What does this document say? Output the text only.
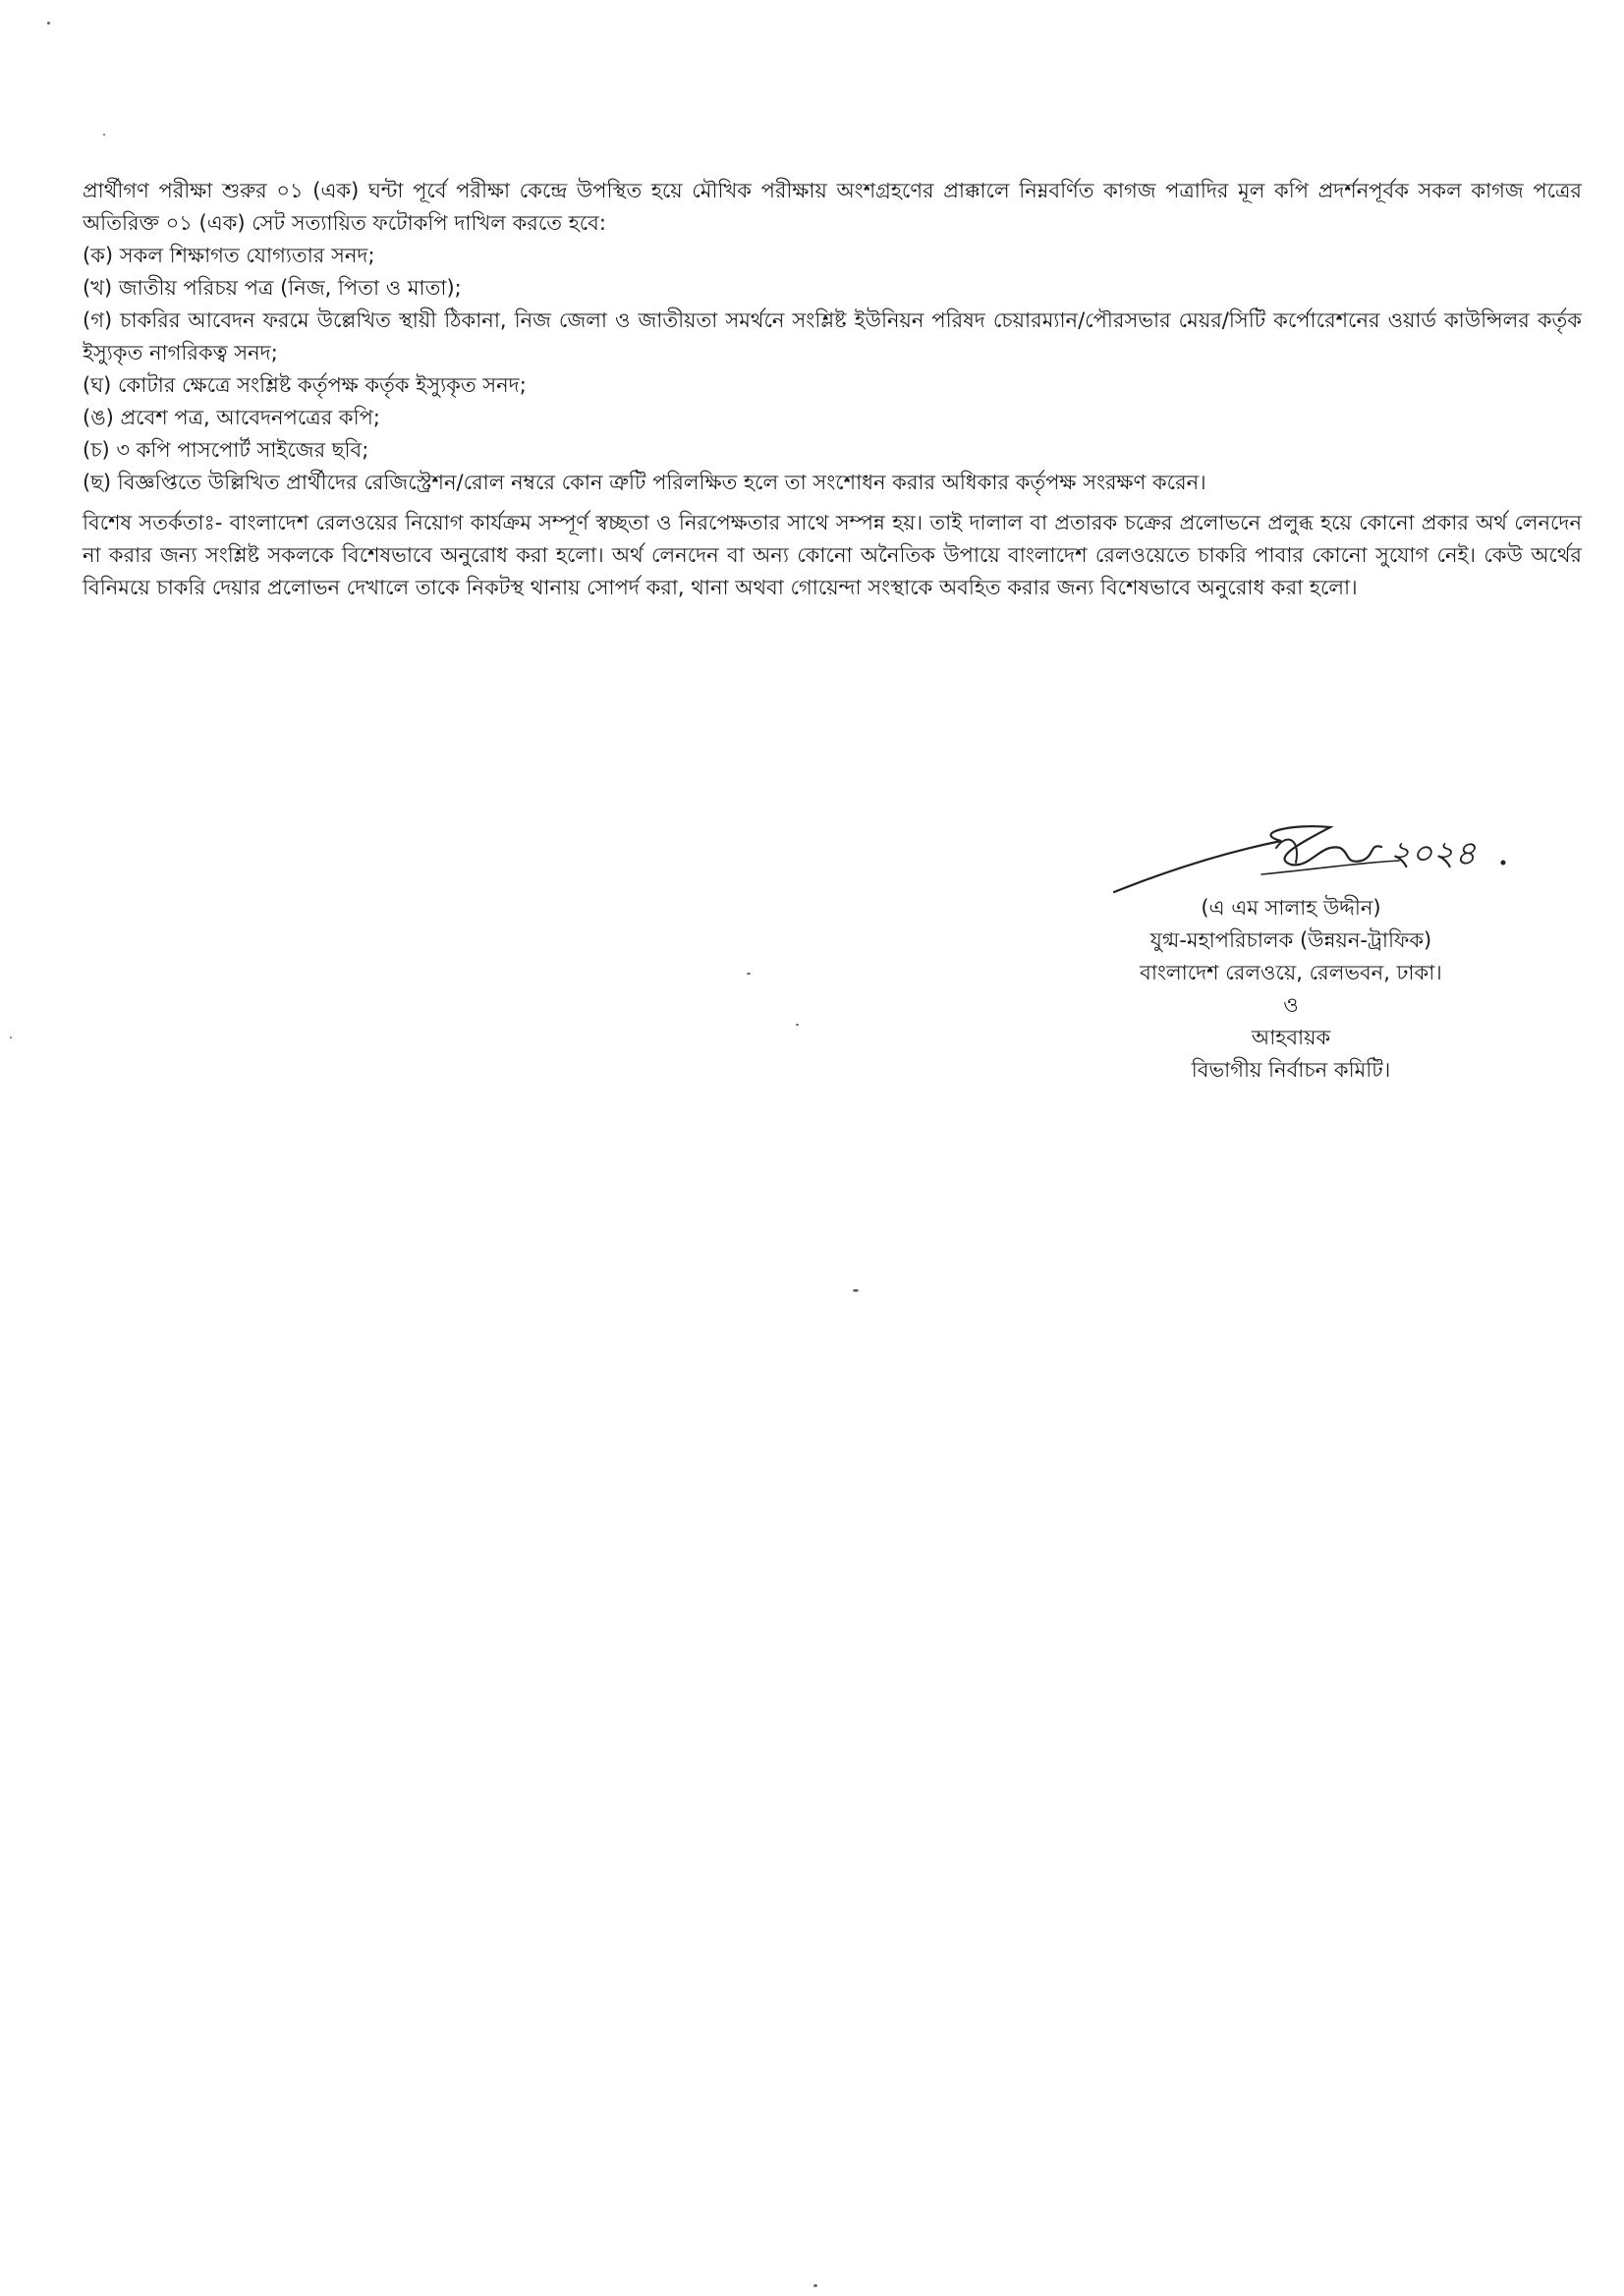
প্রার্থীগণ পরীক্ষা শুরুর ০১ (এক) ঘন্টা পূর্বে পরীক্ষা কেন্দ্রে উপস্থিত হয়ে মৌখিক পরীক্ষায় অংশগ্রহণের প্রাক্কালে নিম্নবর্ণিত কাগজ পত্রাদির মূল কপি প্রদর্শনপূর্বক সকল কাগজ পত্রের অতিরিক্ত ০১ (এক) সেট সত্যায়িত ফটোকপি দাখিল করতে হবে:

(ক) সকল শিক্ষাগত যোগ্যতার সনদ;
(খ) জাতীয় পরিচয় পত্র (নিজ, পিতা ও মাতা);
(গ) চাকরির আবেদন ফরমে উল্লেখিত স্থায়ী ঠিকানা, নিজ জেলা ও জাতীয়তা সমর্থনে সংশ্লিষ্ট ইউনিয়ন পরিষদ চেয়ারম্যান/পৌরসভার মেয়র/সিটি কর্পোরেশনের ওয়ার্ড কাউন্সিলর কর্তৃক ইস্যুকৃত নাগরিকত্ব সনদ;
(ঘ) কোটার ক্ষেত্রে সংশ্লিষ্ট কর্তৃপক্ষ কর্তৃক ইস্যুকৃত সনদ;
(ঙ) প্রবেশ পত্র, আবেদনপত্রের কপি;
(চ) ৩ কপি পাসপোর্ট সাইজের ছবি;
(ছ) বিজ্ঞপ্তিতে উল্লিখিত প্রার্থীদের রেজিস্ট্রেশন/রোল নম্বরে কোন ত্রুটি পরিলক্ষিত হলে তা সংশোধন করার অধিকার কর্তৃপক্ষ সংরক্ষণ করেন।

বিশেষ সতর্কতাঃ- বাংলাদেশ রেলওয়ের নিয়োগ কার্যক্রম সম্পূর্ণ স্বচ্ছতা ও নিরপেক্ষতার সাথে সম্পন্ন হয়। তাই দালাল বা প্রতারক চক্রের প্রলোভনে প্রলুব্ধ হয়ে কোনো প্রকার অর্থ লেনদেন না করার জন্য সংশ্লিষ্ট সকলকে বিশেষভাবে অনুরোধ করা হলো। অর্থ লেনদেন বা অন্য কোনো অনৈতিক উপায়ে বাংলাদেশ রেলওয়েতে চাকরি পাবার কোনো সুযোগ নেই। কেউ অর্থের বিনিময়ে চাকরি দেয়ার প্রলোভন দেখালে তাকে নিকটস্থ থানায় সোপর্দ করা, থানা অথবা গোয়েন্দা সংস্থাকে অবহিত করার জন্য বিশেষভাবে অনুরোধ করা হলো।

২০২৪
(এ এম সালাহ উদ্দীন)
যুগ্ম-মহাপরিচালক (উন্নয়ন-ট্রাফিক)
বাংলাদেশ রেলওয়ে, রেলভবন, ঢাকা।
ও
আহবায়ক
বিভাগীয় নির্বাচন কমিটি।
